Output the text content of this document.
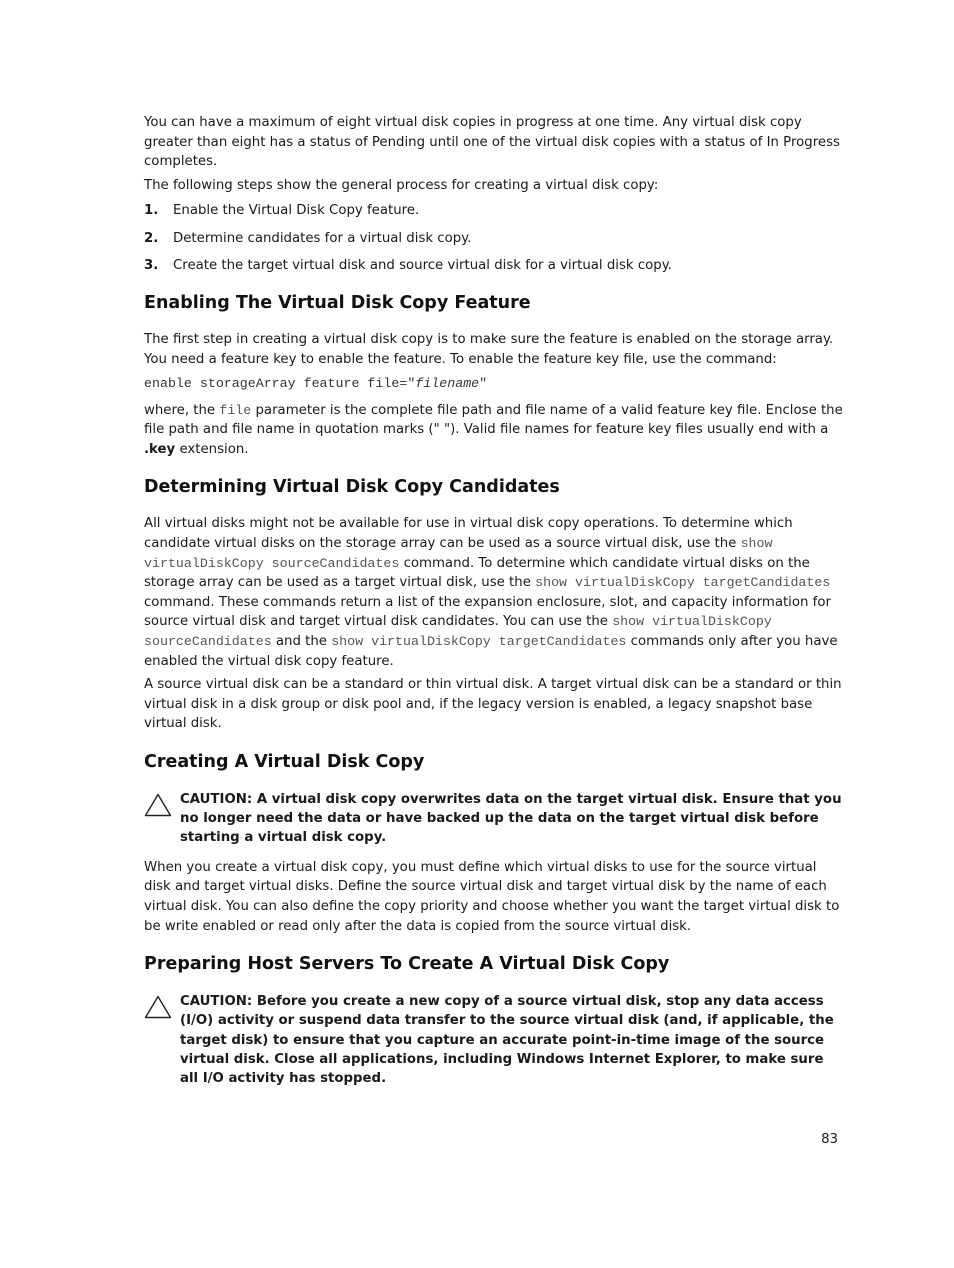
You can have a maximum of eight virtual disk copies in progress at one time. Any virtual disk copy greater than eight has a status of Pending until one of the virtual disk copies with a status of In Progress completes.

The following steps show the general process for creating a virtual disk copy:

1.	Enable the Virtual Disk Copy feature.
2.	Determine candidates for a virtual disk copy.
3.	Create the target virtual disk and source virtual disk for a virtual disk copy.
Enabling The Virtual Disk Copy Feature

The first step in creating a virtual disk copy is to make sure the feature is enabled on the storage array. You need a feature key to enable the feature. To enable the feature key file, use the command:

enable storageArray feature file="filename"

where, the file parameter is the complete file path and file name of a valid feature key file. Enclose the file path and file name in quotation marks (" "). Valid file names for feature key files usually end with a .key extension.

Determining Virtual Disk Copy Candidates

All virtual disks might not be available for use in virtual disk copy operations. To determine which candidate virtual disks on the storage array can be used as a source virtual disk, use the show virtualDiskCopy sourceCandidates command. To determine which candidate virtual disks on the storage array can be used as a target virtual disk, use the show virtualDiskCopy targetCandidates command. These commands return a list of the expansion enclosure, slot, and capacity information for source virtual disk and target virtual disk candidates. You can use the show virtualDiskCopy sourceCandidates and the show virtualDiskCopy targetCandidates commands only after you have enabled the virtual disk copy feature.

A source virtual disk can be a standard or thin virtual disk. A target virtual disk can be a standard or thin virtual disk in a disk group or disk pool and, if the legacy version is enabled, a legacy snapshot base virtual disk.

Creating A Virtual Disk Copy
CAUTION: A virtual disk copy overwrites data on the target virtual disk. Ensure that you no longer need the data or have backed up the data on the target virtual disk before starting a virtual disk copy.

When you create a virtual disk copy, you must define which virtual disks to use for the source virtual disk and target virtual disks. Define the source virtual disk and target virtual disk by the name of each virtual disk. You can also define the copy priority and choose whether you want the target virtual disk to be write enabled or read only after the data is copied from the source virtual disk.

Preparing Host Servers To Create A Virtual Disk Copy
CAUTION: Before you create a new copy of a source virtual disk, stop any data access (I/O) activity or suspend data transfer to the source virtual disk (and, if applicable, the target disk) to ensure that you capture an accurate point-in-time image of the source virtual disk. Close all applications, including Windows Internet Explorer, to make sure all I/O activity has stopped.
83
